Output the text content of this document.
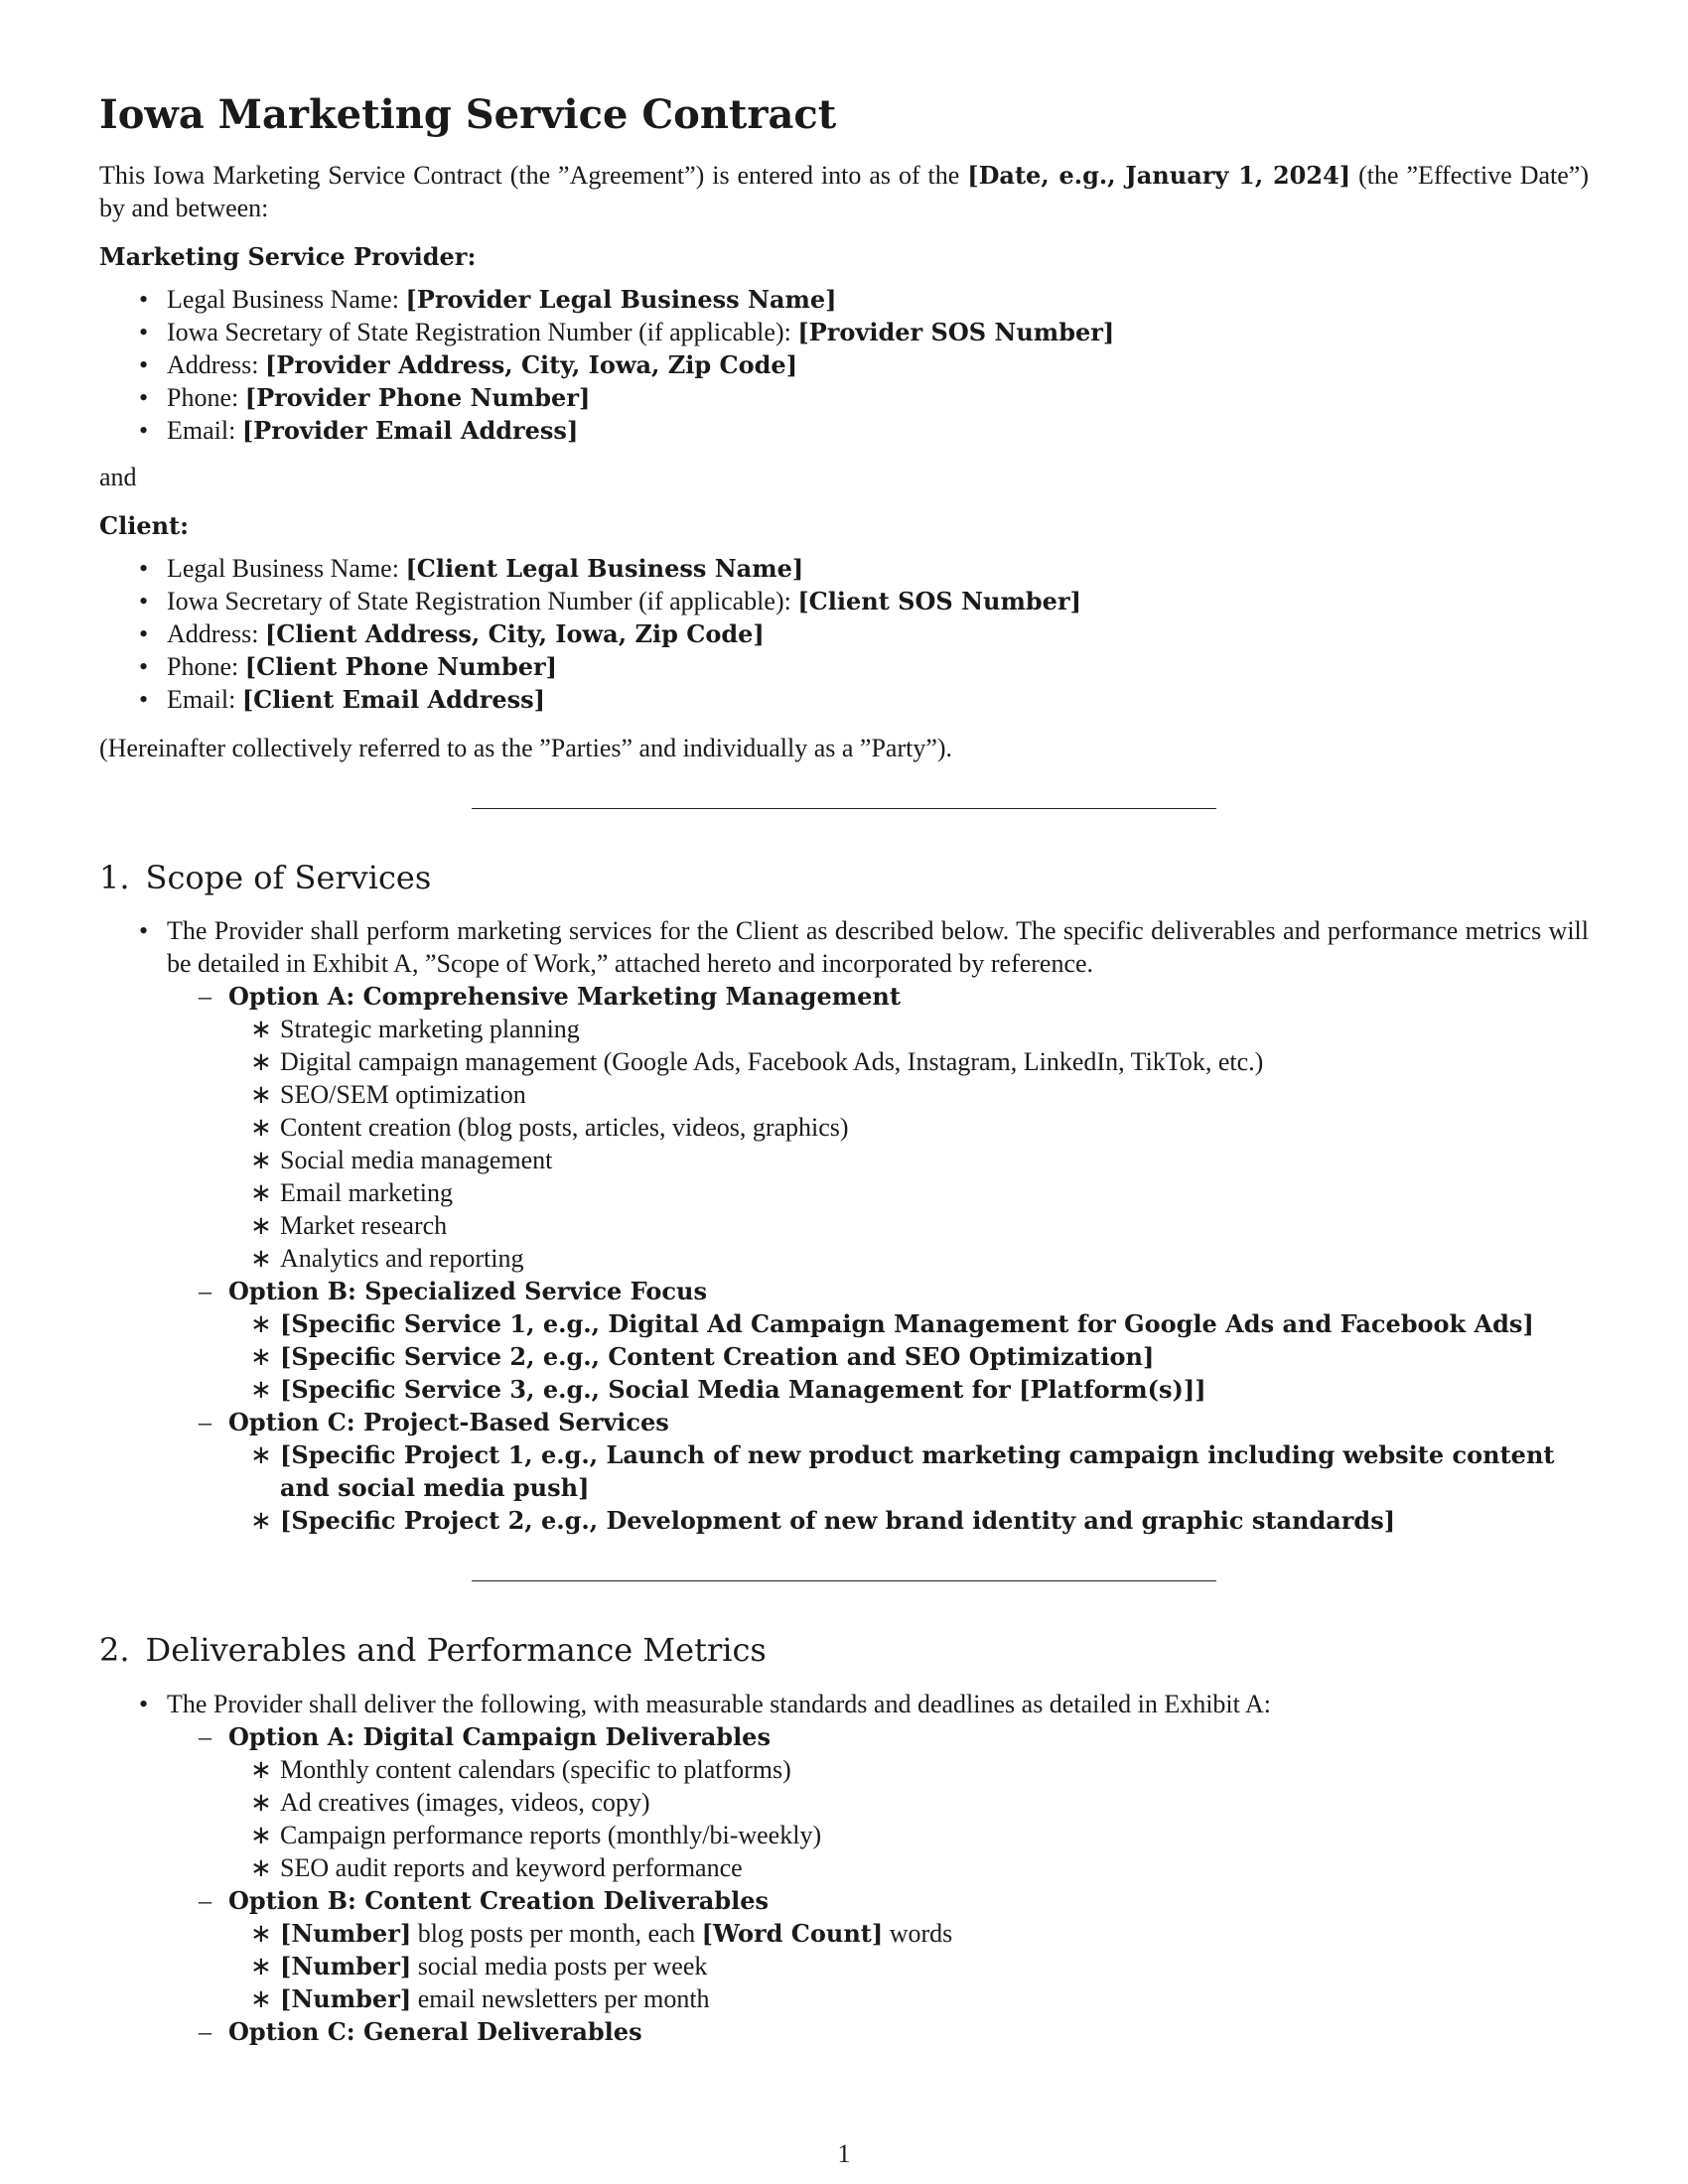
Iowa Marketing Service Contract

This Iowa Marketing Service Contract (the ”Agreement”) is entered into as of the [Date, e.g., January 1, 2024] (the ”Effective Date”) by and between:

Marketing Service Provider:
• Legal Business Name: [Provider Legal Business Name]
• Iowa Secretary of State Registration Number (if applicable): [Provider SOS Number]
• Address: [Provider Address, City, Iowa, Zip Code]
• Phone: [Provider Phone Number]
• Email: [Provider Email Address]

and

Client:
• Legal Business Name: [Client Legal Business Name]
• Iowa Secretary of State Registration Number (if applicable): [Client SOS Number]
• Address: [Client Address, City, Iowa, Zip Code]
• Phone: [Client Phone Number]
• Email: [Client Email Address]

(Hereinafter collectively referred to as the ”Parties” and individually as a ”Party”).

1. Scope of Services
• The Provider shall perform marketing services for the Client as described below. The specific deliverables and performance metrics will be detailed in Exhibit A, ”Scope of Work,” attached hereto and incorporated by reference.
– Option A: Comprehensive Marketing Management
∗ Strategic marketing planning
∗ Digital campaign management (Google Ads, Facebook Ads, Instagram, LinkedIn, TikTok, etc.)
∗ SEO/SEM optimization
∗ Content creation (blog posts, articles, videos, graphics)
∗ Social media management
∗ Email marketing
∗ Market research
∗ Analytics and reporting
– Option B: Specialized Service Focus
∗ [Specific Service 1, e.g., Digital Ad Campaign Management for Google Ads and Facebook Ads]
∗ [Specific Service 2, e.g., Content Creation and SEO Optimization]
∗ [Specific Service 3, e.g., Social Media Management for [Platform(s)]]
– Option C: Project-Based Services
∗ [Specific Project 1, e.g., Launch of new product marketing campaign including website content and social media push]
∗ [Specific Project 2, e.g., Development of new brand identity and graphic standards]
2. Deliverables and Performance Metrics
• The Provider shall deliver the following, with measurable standards and deadlines as detailed in Exhibit A:
– Option A: Digital Campaign Deliverables
∗ Monthly content calendars (specific to platforms)
∗ Ad creatives (images, videos, copy)
∗ Campaign performance reports (monthly/bi-weekly)
∗ SEO audit reports and keyword performance
– Option B: Content Creation Deliverables
∗ [Number] blog posts per month, each [Word Count] words
∗ [Number] social media posts per week
∗ [Number] email newsletters per month
– Option C: General Deliverables
1
